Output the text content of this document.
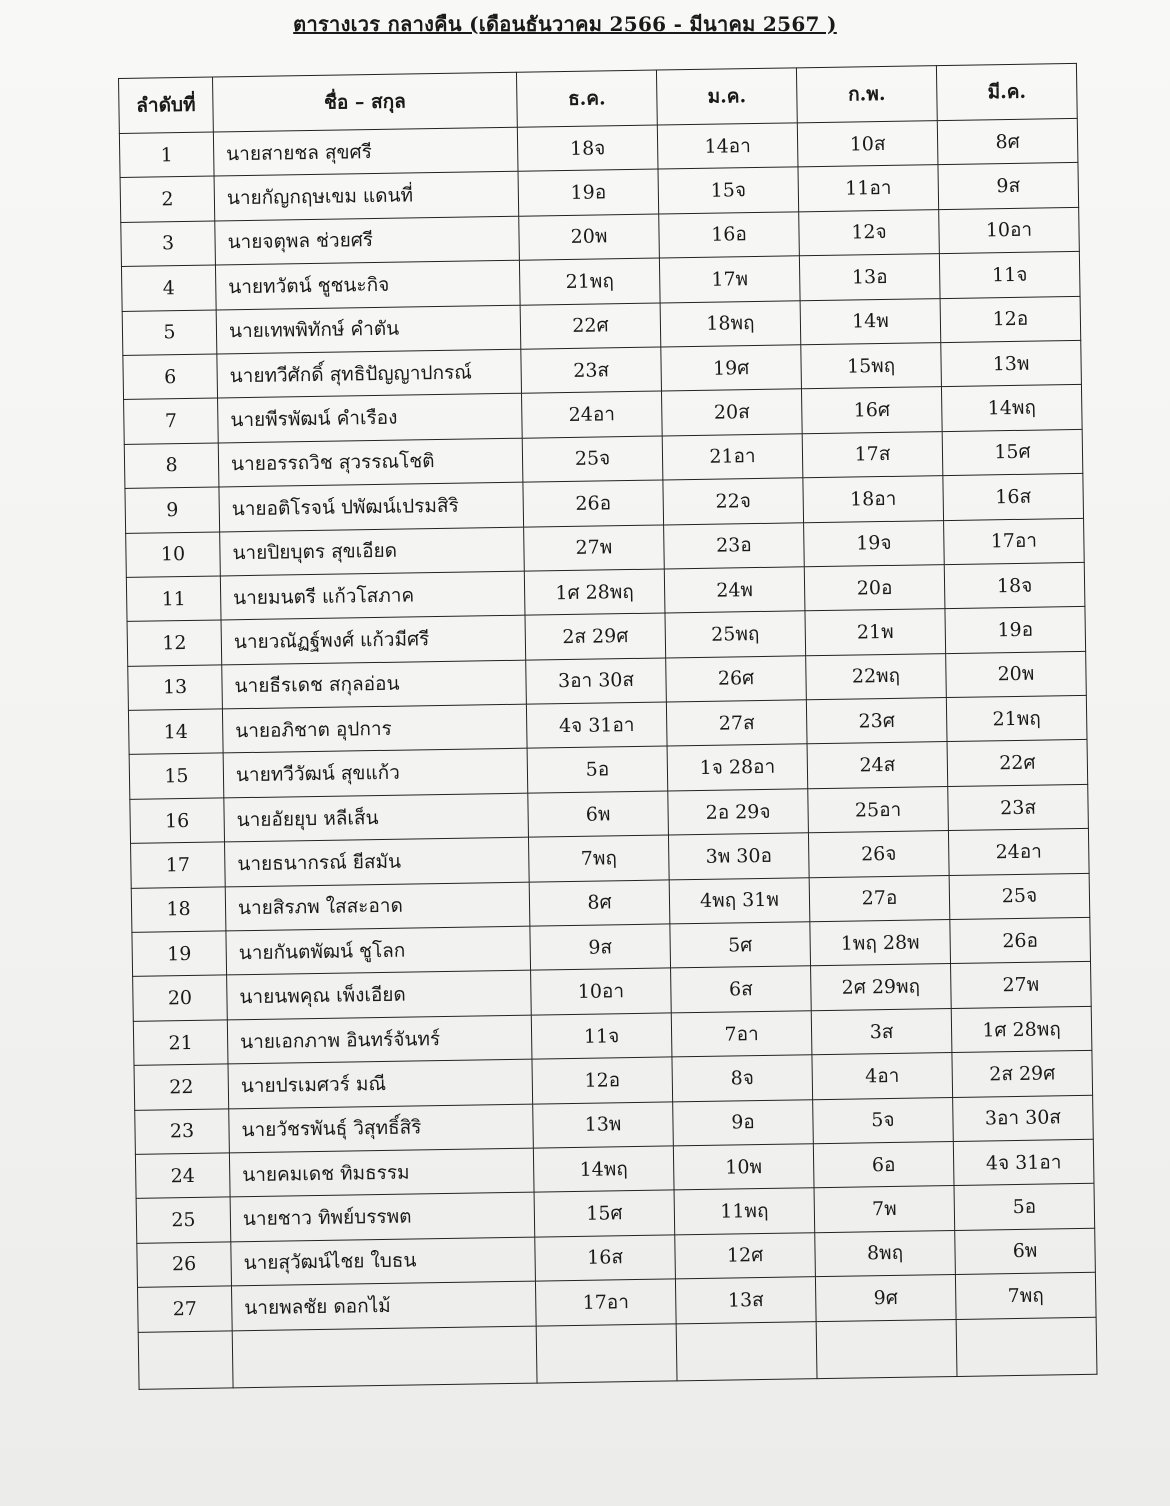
ตารางเวร กลางคืน (เดือนธันวาคม 2566 - มีนาคม 2567 )
ลำดับที่	ชื่อ – สกุล	ธ.ค.	ม.ค.	ก.พ.	มี.ค.
1	นายสายชล สุขศรี	18จ	14อา	10ส	8ศ
2	นายกัญกฤษเขม แดนที่	19อ	15จ	11อา	9ส
3	นายจตุพล ช่วยศรี	20พ	16อ	12จ	10อา
4	นายทวัตน์ ชูชนะกิจ	21พฤ	17พ	13อ	11จ
5	นายเทพพิทักษ์ คำตัน	22ศ	18พฤ	14พ	12อ
6	นายทวีศักดิ์ สุทธิปัญญาปกรณ์	23ส	19ศ	15พฤ	13พ
7	นายพีรพัฒน์ คำเรือง	24อา	20ส	16ศ	14พฤ
8	นายอรรถวิช สุวรรณโชติ	25จ	21อา	17ส	15ศ
9	นายอติโรจน์ ปพัฒน์เปรมสิริ	26อ	22จ	18อา	16ส
10	นายปิยบุตร สุขเอียด	27พ	23อ	19จ	17อา
11	นายมนตรี แก้วโสภาค	1ศ 28พฤ	24พ	20อ	18จ
12	นายวณัฏฐ์พงศ์ แก้วมีศรี	2ส 29ศ	25พฤ	21พ	19อ
13	นายธีรเดช สกุลอ่อน	3อา 30ส	26ศ	22พฤ	20พ
14	นายอภิชาต อุปการ	4จ 31อา	27ส	23ศ	21พฤ
15	นายทวีวัฒน์ สุขแก้ว	5อ	1จ 28อา	24ส	22ศ
16	นายอัยยุบ หลีเส็น	6พ	2อ 29จ	25อา	23ส
17	นายธนากรณ์ ยีสมัน	7พฤ	3พ 30อ	26จ	24อา
18	นายสิรภพ ใสสะอาด	8ศ	4พฤ 31พ	27อ	25จ
19	นายกันตพัฒน์ ชูโลก	9ส	5ศ	1พฤ 28พ	26อ
20	นายนพคุณ เพ็งเอียด	10อา	6ส	2ศ 29พฤ	27พ
21	นายเอกภาพ อินทร์จันทร์	11จ	7อา	3ส	1ศ 28พฤ
22	นายปรเมศวร์ มณี	12อ	8จ	4อา	2ส 29ศ
23	นายวัชรพันธุ์ วิสุทธิ์สิริ	13พ	9อ	5จ	3อา 30ส
24	นายคมเดช ทิมธรรม	14พฤ	10พ	6อ	4จ 31อา
25	นายชาว ทิพย์บรรพต	15ศ	11พฤ	7พ	5อ
26	นายสุวัฒน์ไชย ใบธน	16ส	12ศ	8พฤ	6พ
27	นายพลชัย ดอกไม้	17อา	13ส	9ศ	7พฤ
